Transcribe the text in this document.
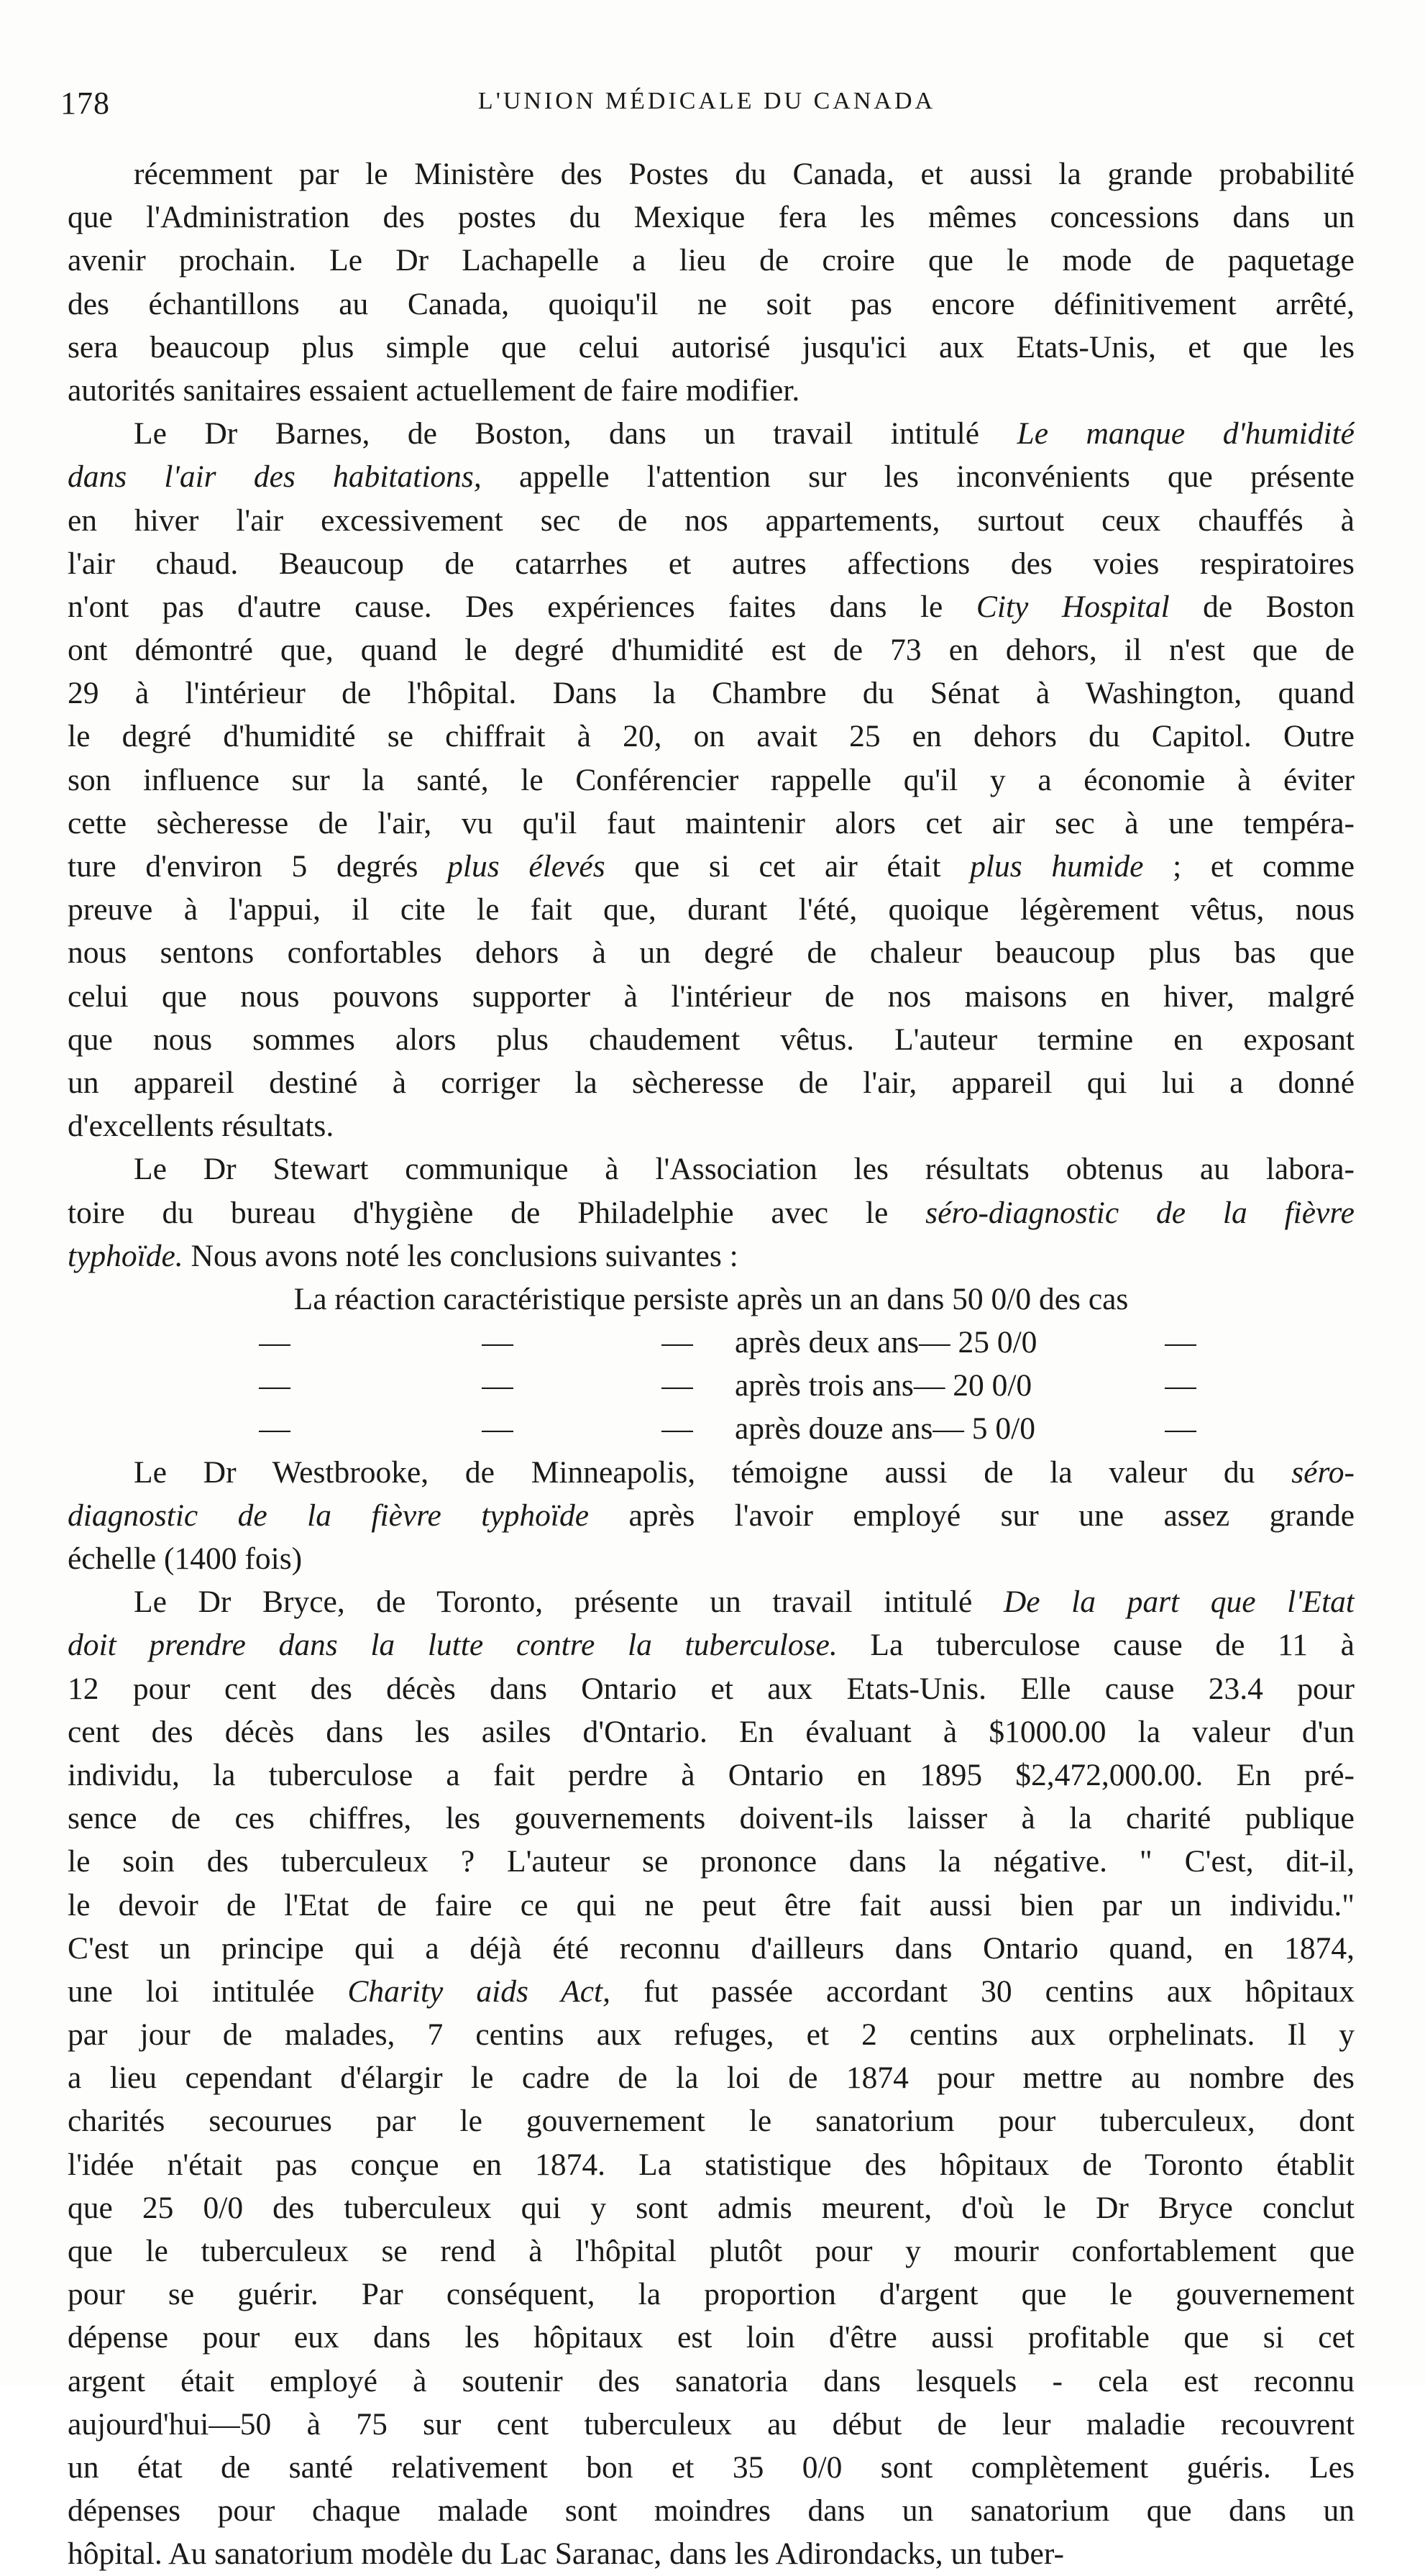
178	L'UNION MÉDICALE DU CANADA
récemment par le Ministère des Postes du Canada, et aussi la grande probabilité
que l'Administration des postes du Mexique fera les mêmes concessions dans un
avenir prochain. Le Dr Lachapelle a lieu de croire que le mode de paquetage
des échantillons au Canada, quoiqu'il ne soit pas encore définitivement arrêté,
sera beaucoup plus simple que celui autorisé jusqu'ici aux Etats-Unis, et que les
autorités sanitaires essaient actuellement de faire modifier.
Le Dr Barnes, de Boston, dans un travail intitulé Le manque d'humidité
dans l'air des habitations, appelle l'attention sur les inconvénients que présente
en hiver l'air excessivement sec de nos appartements, surtout ceux chauffés à
l'air chaud. Beaucoup de catarrhes et autres affections des voies respiratoires
n'ont pas d'autre cause. Des expériences faites dans le City Hospital de Boston
ont démontré que, quand le degré d'humidité est de 73 en dehors, il n'est que de
29 à l'intérieur de l'hôpital. Dans la Chambre du Sénat à Washington, quand
le degré d'humidité se chiffrait à 20, on avait 25 en dehors du Capitol. Outre
son influence sur la santé, le Conférencier rappelle qu'il y a économie à éviter
cette sècheresse de l'air, vu qu'il faut maintenir alors cet air sec à une tempéra-
ture d'environ 5 degrés plus élevés que si cet air était plus humide ; et comme
preuve à l'appui, il cite le fait que, durant l'été, quoique légèrement vêtus, nous
nous sentons confortables dehors à un degré de chaleur beaucoup plus bas que
celui que nous pouvons supporter à l'intérieur de nos maisons en hiver, malgré
que nous sommes alors plus chaudement vêtus. L'auteur termine en exposant
un appareil destiné à corriger la sècheresse de l'air, appareil qui lui a donné
d'excellents résultats.
Le Dr Stewart communique à l'Association les résultats obtenus au labora-
toire du bureau d'hygiène de Philadelphie avec le séro-diagnostic de la fièvre
typhoïde. Nous avons noté les conclusions suivantes :
La réaction caractéristique persiste après un an dans 50 0/0 des cas
—	—	—	après deux ans— 25 0/0	—
—	—	—	après trois ans— 20 0/0	—
—	—	—	après douze ans— 5 0/0	—
Le Dr Westbrooke, de Minneapolis, témoigne aussi de la valeur du séro-
diagnostic de la fièvre typhoïde après l'avoir employé sur une assez grande
échelle (1400 fois)
Le Dr Bryce, de Toronto, présente un travail intitulé De la part que l'Etat
doit prendre dans la lutte contre la tuberculose. La tuberculose cause de 11 à
12 pour cent des décès dans Ontario et aux Etats-Unis. Elle cause 23.4 pour
cent des décès dans les asiles d'Ontario. En évaluant à $1000.00 la valeur d'un
individu, la tuberculose a fait perdre à Ontario en 1895 $2,472,000.00. En pré-
sence de ces chiffres, les gouvernements doivent-ils laisser à la charité publique
le soin des tuberculeux ? L'auteur se prononce dans la négative. " C'est, dit-il,
le devoir de l'Etat de faire ce qui ne peut être fait aussi bien par un individu."
C'est un principe qui a déjà été reconnu d'ailleurs dans Ontario quand, en 1874,
une loi intitulée Charity aids Act, fut passée accordant 30 centins aux hôpitaux
par jour de malades, 7 centins aux refuges, et 2 centins aux orphelinats. Il y
a lieu cependant d'élargir le cadre de la loi de 1874 pour mettre au nombre des
charités secourues par le gouvernement le sanatorium pour tuberculeux, dont
l'idée n'était pas conçue en 1874. La statistique des hôpitaux de Toronto établit
que 25 0/0 des tuberculeux qui y sont admis meurent, d'où le Dr Bryce conclut
que le tuberculeux se rend à l'hôpital plutôt pour y mourir confortablement que
pour se guérir. Par conséquent, la proportion d'argent que le gouvernement
dépense pour eux dans les hôpitaux est loin d'être aussi profitable que si cet
argent était employé à soutenir des sanatoria dans lesquels - cela est reconnu
aujourd'hui—50 à 75 sur cent tuberculeux au début de leur maladie recouvrent
un état de santé relativement bon et 35 0/0 sont complètement guéris. Les
dépenses pour chaque malade sont moindres dans un sanatorium que dans un
hôpital. Au sanatorium modèle du Lac Saranac, dans les Adirondacks, un tuber-
